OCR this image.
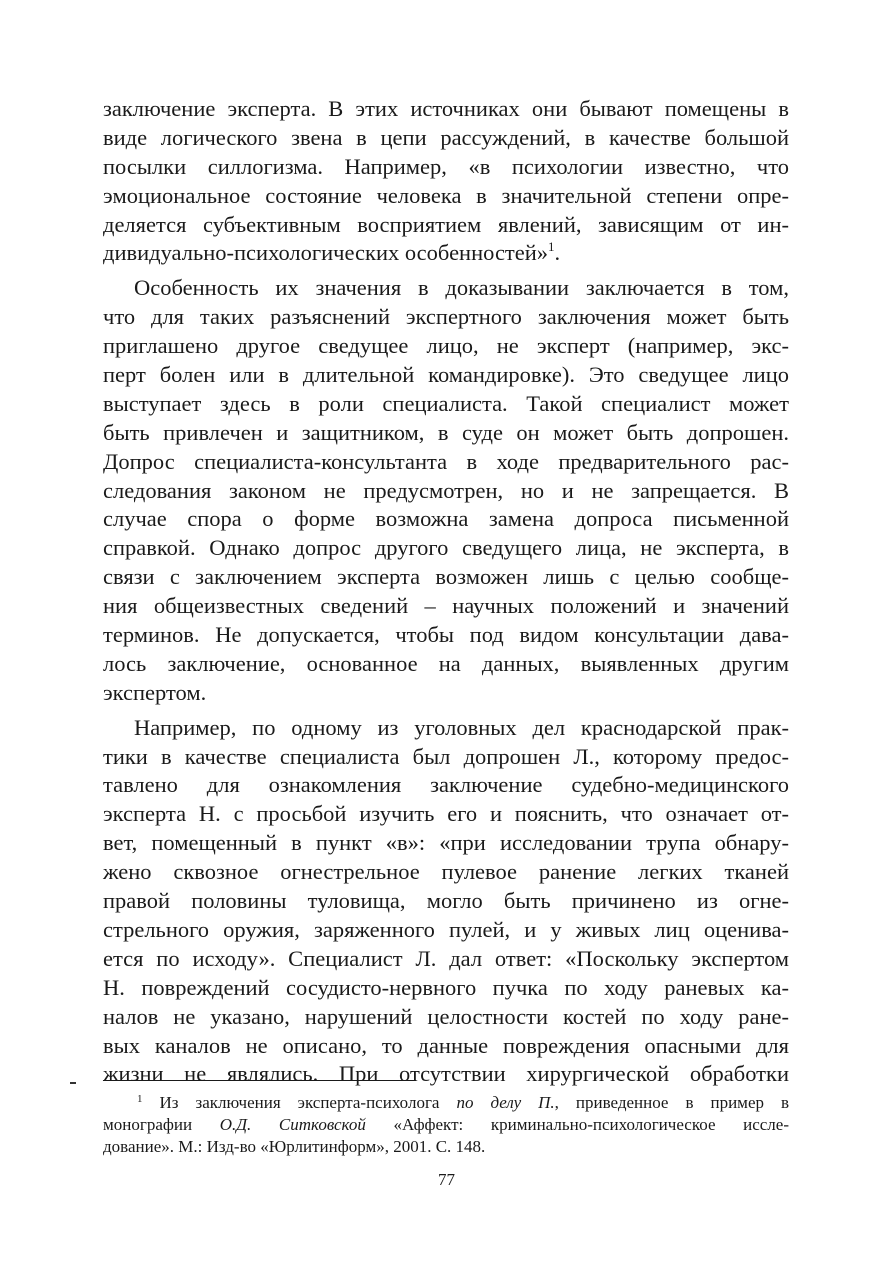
заключение эксперта. В этих источниках они бывают помещены в
виде логического звена в цепи рассуждений, в качестве большой
посылки силлогизма. Например, «в психологии известно, что
эмоциональное состояние человека в значительной степени опре-
деляется субъективным восприятием явлений, зависящим от ин-
дивидуально-психологических особенностей»$^1$.
Особенность их значения в доказывании заключается в том,
что для таких разъяснений экспертного заключения может быть
приглашено другое сведущее лицо, не эксперт (например, экс-
перт болен или в длительной командировке). Это сведущее лицо
выступает здесь в роли специалиста. Такой специалист может
быть привлечен и защитником, в суде он может быть допрошен.
Допрос специалиста-консультанта в ходе предварительного рас-
следования законом не предусмотрен, но и не запрещается. В
случае спора о форме возможна замена допроса письменной
справкой. Однако допрос другого сведущего лица, не эксперта, в
связи с заключением эксперта возможен лишь с целью сообще-
ния общеизвестных сведений – научных положений и значений
терминов. Не допускается, чтобы под видом консультации дава-
лось заключение, основанное на данных, выявленных другим
экспертом.
Например, по одному из уголовных дел краснодарской прак-
тики в качестве специалиста был допрошен Л., которому предос-
тавлено для ознакомления заключение судебно-медицинского
эксперта Н. с просьбой изучить его и пояснить, что означает от-
вет, помещенный в пункт «в»: «при исследовании трупа обнару-
жено сквозное огнестрельное пулевое ранение легких тканей
правой половины туловища, могло быть причинено из огне-
стрельного оружия, заряженного пулей, и у живых лиц оценива-
ется по исходу». Специалист Л. дал ответ: «Поскольку экспертом
Н. повреждений сосудисто-нервного пучка по ходу раневых ка-
налов не указано, нарушений целостности костей по ходу ране-
вых каналов не описано, то данные повреждения опасными для
жизни не являлись. При отсутствии хирургической обработки
$^1$ Из заключения эксперта-психолога по делу П., приведенное в пример в
монографии О.Д. Ситковской «Аффект: криминально-психологическое иссле-
дование». М.: Изд-во «Юрлитинформ», 2001. С. 148.
77
